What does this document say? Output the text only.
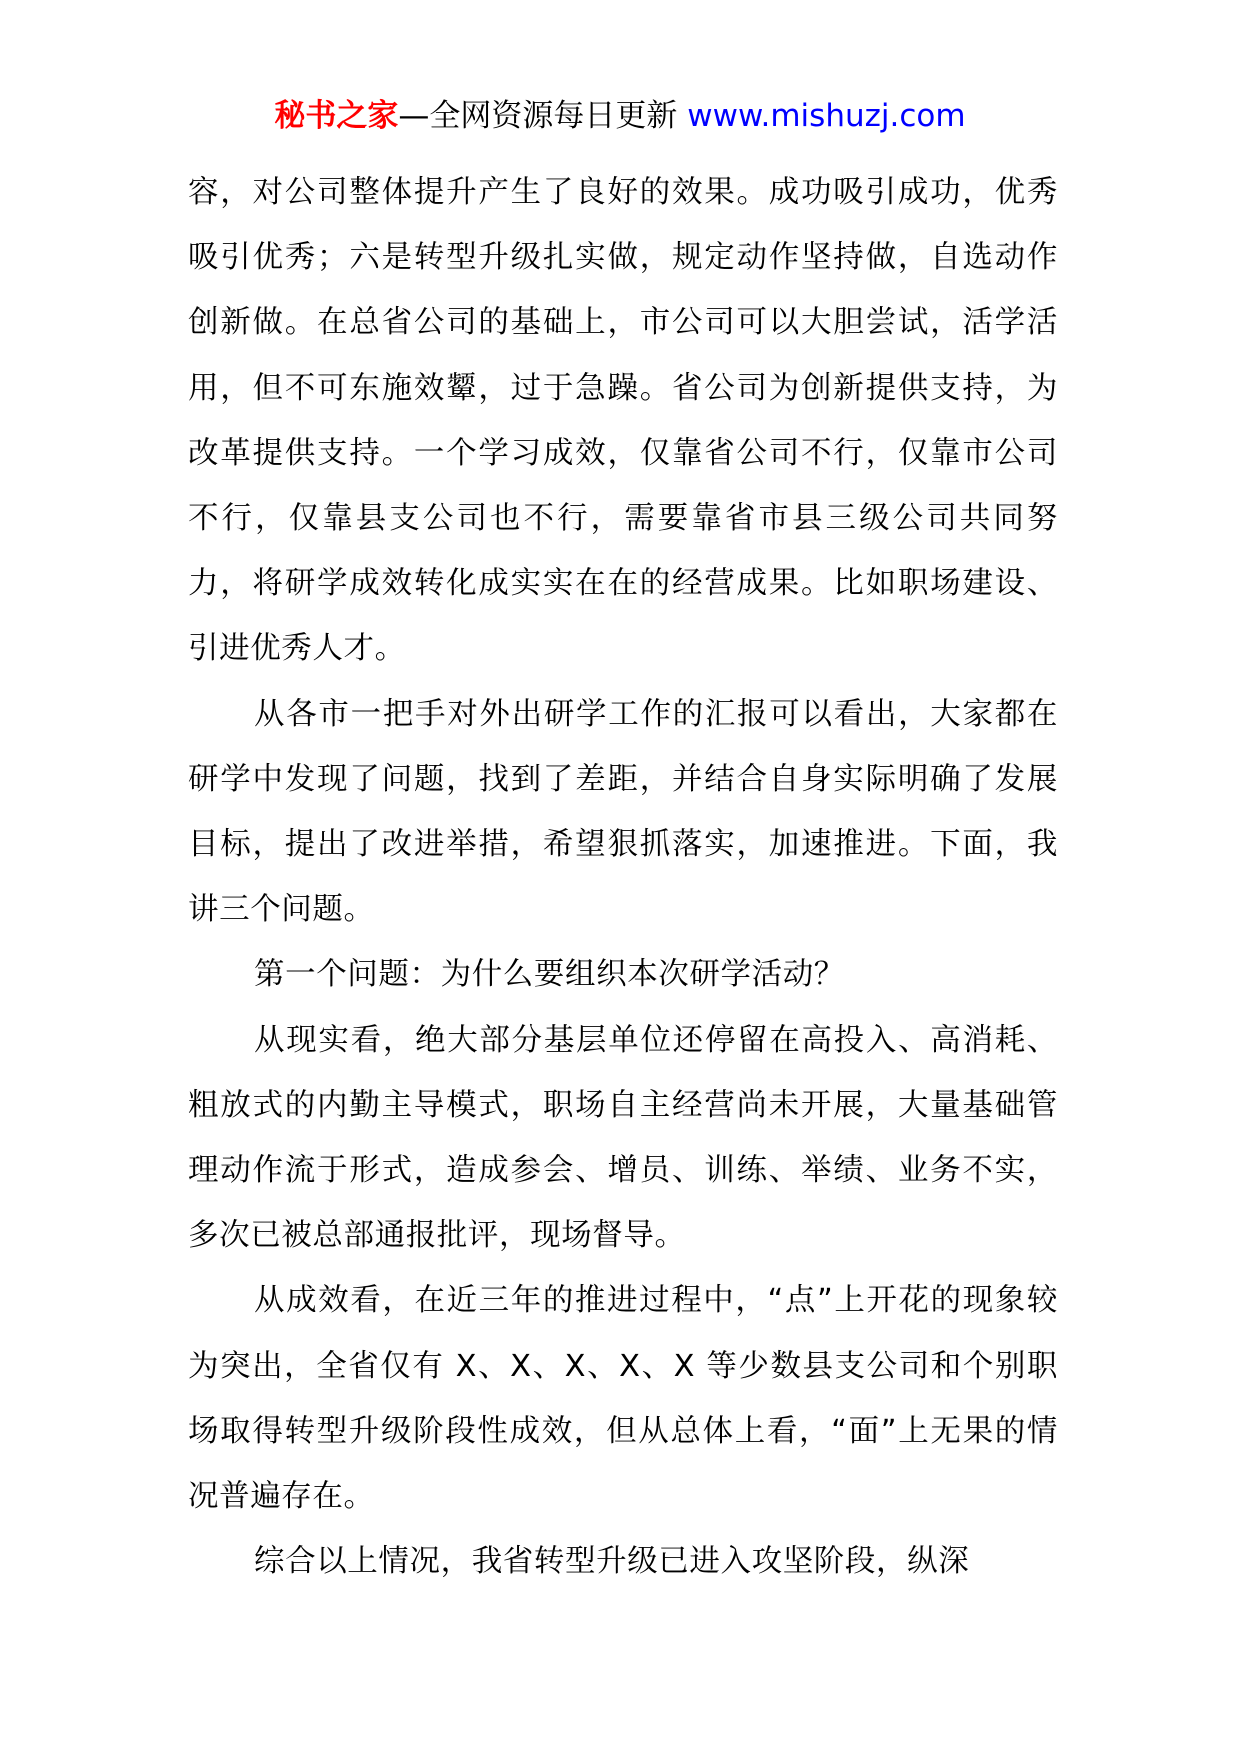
秘书之家—全网资源每日更新 www.mishuzj.com

容，对公司整体提升产生了良好的效果。成功吸引成功，优秀吸引优秀；六是转型升级扎实做，规定动作坚持做，自选动作创新做。在总省公司的基础上，市公司可以大胆尝试，活学活用，但不可东施效颦，过于急躁。省公司为创新提供支持，为改革提供支持。一个学习成效，仅靠省公司不行，仅靠市公司不行，仅靠县支公司也不行，需要靠省市县三级公司共同努力，将研学成效转化成实实在在的经营成果。比如职场建设、引进优秀人才。

从各市一把手对外出研学工作的汇报可以看出，大家都在研学中发现了问题，找到了差距，并结合自身实际明确了发展目标，提出了改进举措，希望狠抓落实，加速推进。下面，我讲三个问题。

第一个问题：为什么要组织本次研学活动？

从现实看，绝大部分基层单位还停留在高投入、高消耗、粗放式的内勤主导模式，职场自主经营尚未开展，大量基础管理动作流于形式，造成参会、增员、训练、举绩、业务不实，多次已被总部通报批评，现场督导。

从成效看，在近三年的推进过程中，“点”上开花的现象较为突出，全省仅有 X、X、X、X、X 等少数县支公司和个别职场取得转型升级阶段性成效，但从总体上看，“面”上无果的情况普遍存在。

综合以上情况，我省转型升级已进入攻坚阶段，纵深
